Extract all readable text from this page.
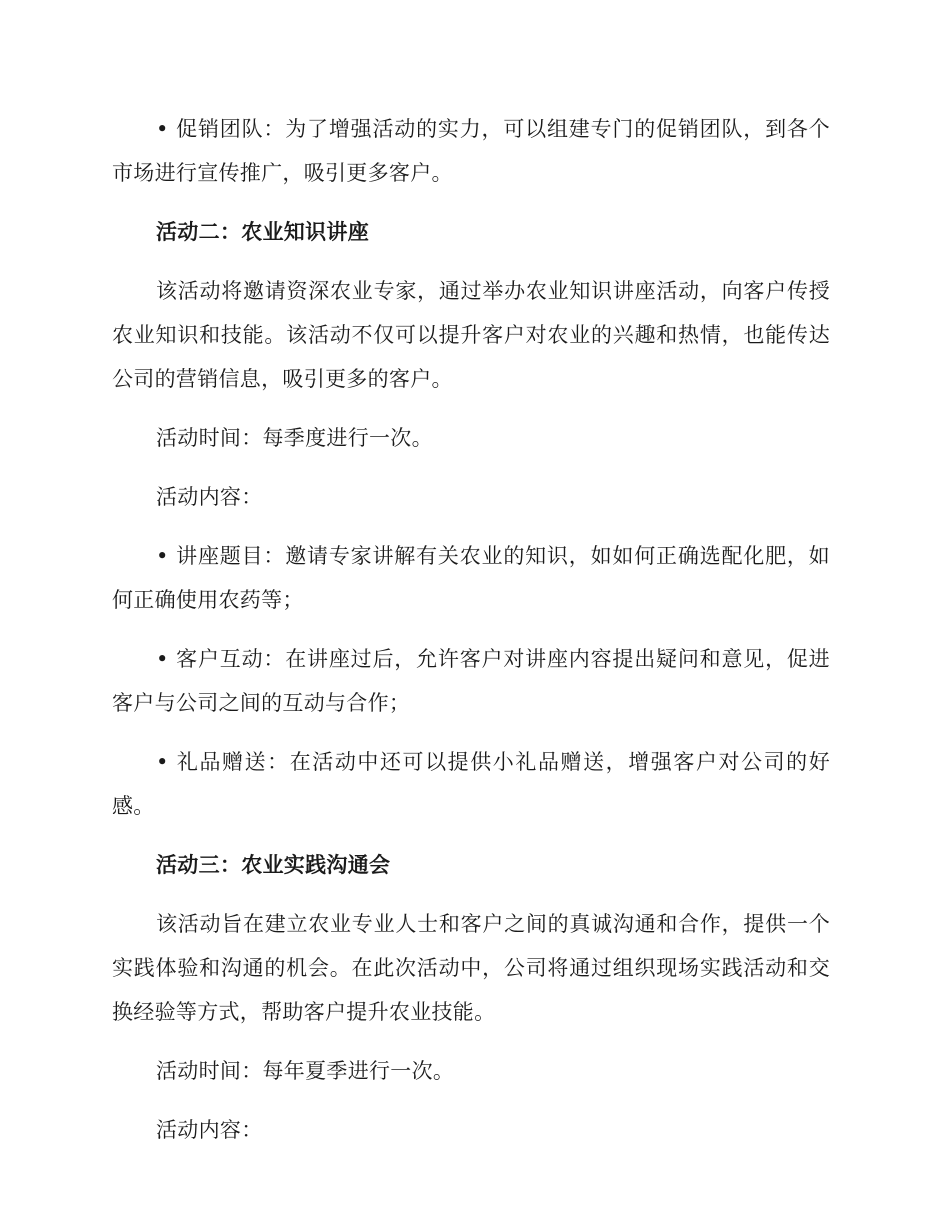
• 促销团队：为了增强活动的实力，可以组建专门的促销团队，到各个市场进行宣传推广，吸引更多客户。

活动二：农业知识讲座

该活动将邀请资深农业专家，通过举办农业知识讲座活动，向客户传授农业知识和技能。该活动不仅可以提升客户对农业的兴趣和热情，也能传达公司的营销信息，吸引更多的客户。

活动时间：每季度进行一次。

活动内容：

• 讲座题目：邀请专家讲解有关农业的知识，如如何正确选配化肥，如何正确使用农药等；

• 客户互动：在讲座过后，允许客户对讲座内容提出疑问和意见，促进客户与公司之间的互动与合作；

• 礼品赠送：在活动中还可以提供小礼品赠送，增强客户对公司的好感。

活动三：农业实践沟通会

该活动旨在建立农业专业人士和客户之间的真诚沟通和合作，提供一个实践体验和沟通的机会。在此次活动中，公司将通过组织现场实践活动和交换经验等方式，帮助客户提升农业技能。

活动时间：每年夏季进行一次。

活动内容：
